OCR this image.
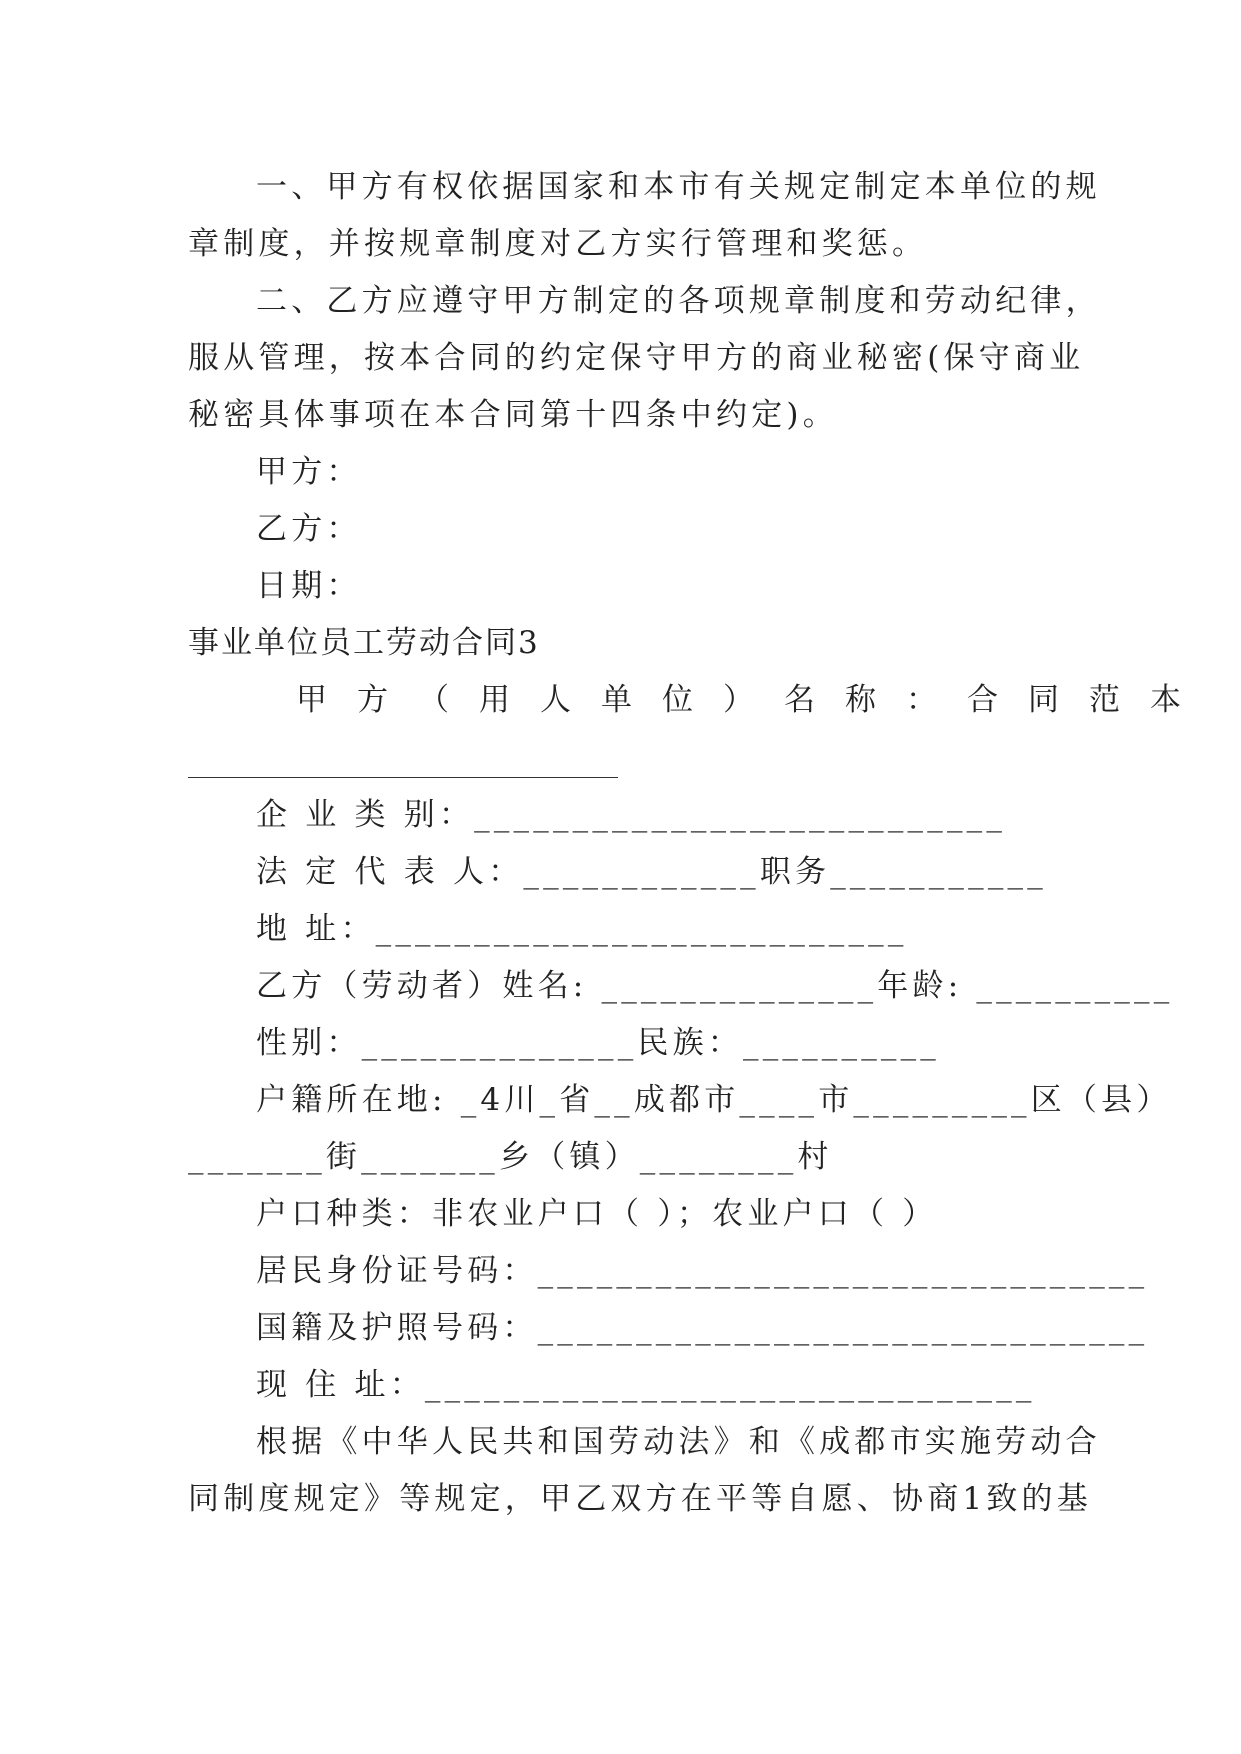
一、甲方有权依据国家和本市有关规定制定本单位的规
章制度，并按规章制度对乙方实行管理和奖惩。
二、乙方应遵守甲方制定的各项规章制度和劳动纪律，
服从管理，按本合同的约定保守甲方的商业秘密(保守商业
秘密具体事项在本合同第十四条中约定)。
甲方：
乙方：
日期：
事业单位员工劳动合同3
甲方（用人单位）名称：合同范本
企 业 类 别：___________________________
法 定 代 表 人：____________职务___________
地 址：___________________________
乙方（劳动者）姓名: ______________年龄: __________
性别：______________民族：__________
户籍所在地: _4川_省__成都市____市_________区（县）
_______街_______乡（镇）________村
户口种类：非农业户口（ ）；农业户口（ ）
居民身份证号码：_______________________________
国籍及护照号码：_______________________________
现 住 址：_______________________________
根据《中华人民共和国劳动法》和《成都市实施劳动合
同制度规定》等规定，甲乙双方在平等自愿、协商1致的基
